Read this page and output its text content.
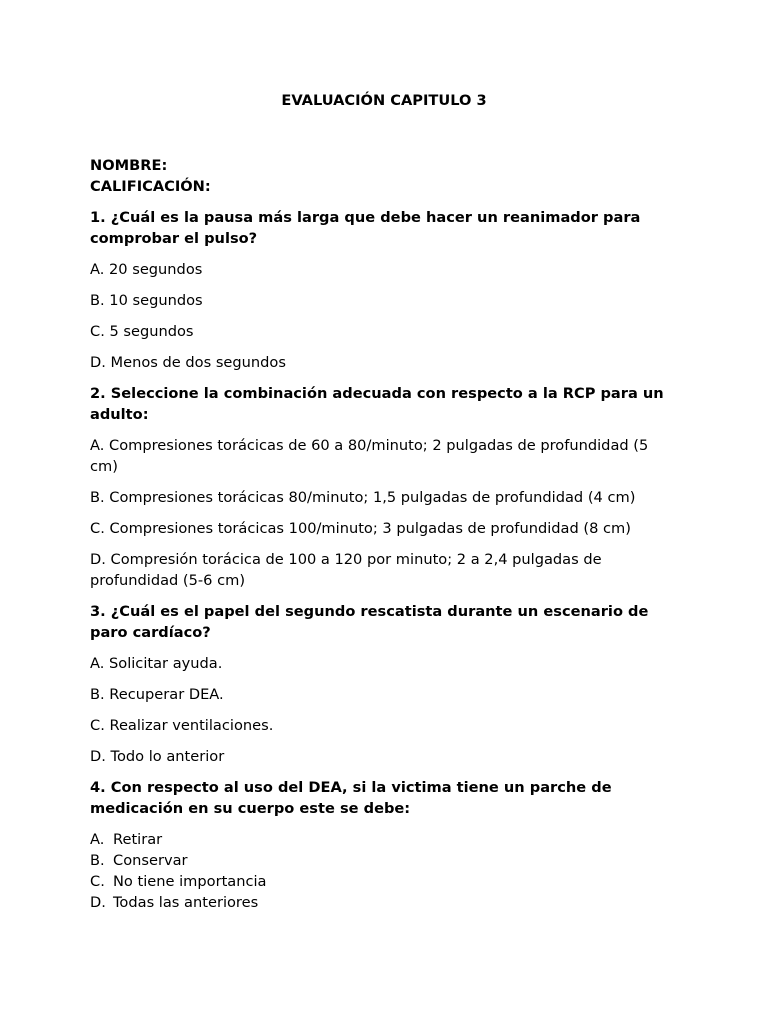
EVALUACIÓN CAPITULO 3

NOMBRE:

CALIFICACIÓN:

1. ¿Cuál es la pausa más larga que debe hacer un reanimador para comprobar el pulso?

A. 20 segundos

B. 10 segundos

C. 5 segundos

D. Menos de dos segundos

2. Seleccione la combinación adecuada con respecto a la RCP para un adulto:

A. Compresiones torácicas de 60 a 80/minuto; 2 pulgadas de profundidad (5 cm)

B. Compresiones torácicas 80/minuto; 1,5 pulgadas de profundidad (4 cm)

C. Compresiones torácicas 100/minuto; 3 pulgadas de profundidad (8 cm)

D. Compresión torácica de 100 a 120 por minuto; 2 a 2,4 pulgadas de profundidad (5-6 cm)

3. ¿Cuál es el papel del segundo rescatista durante un escenario de paro cardíaco?

A. Solicitar ayuda.

B. Recuperar DEA.

C. Realizar ventilaciones.

D. Todo lo anterior

4. Con respecto al uso del DEA, si la victima tiene un parche de medicación en su cuerpo este se debe:

A. Retirar
B. Conservar
C. No tiene importancia
D. Todas las anteriores
